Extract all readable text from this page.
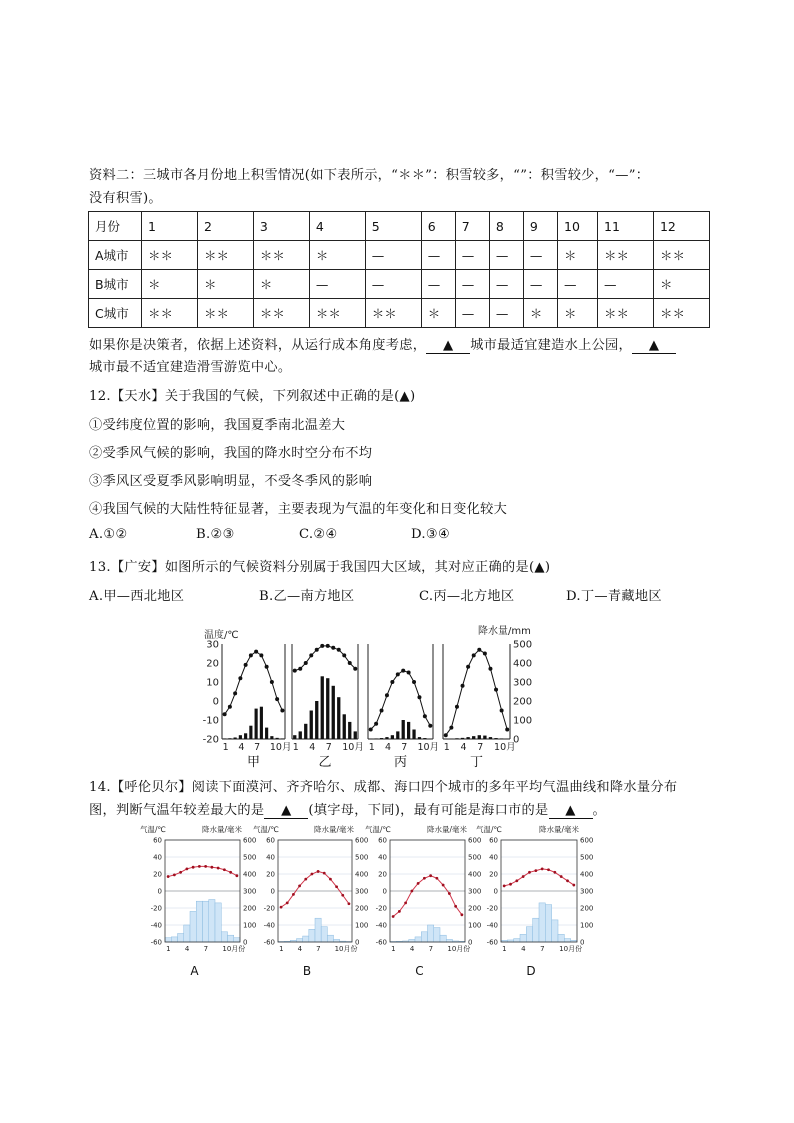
资料二：三城市各月份地上积雪情况(如下表所示，“＊＊”：积雪较多，“”：积雪较少，“—”：
没有积雪)。
月份	1	2	3	4	5	6	7	8	9	10	11	12
A城市	＊＊	＊＊	＊＊	＊	—	—	—	—	—	＊	＊＊	＊＊
B城市	＊	＊	＊	—	—	—	—	—	—	—	—	＊
C城市	＊＊	＊＊	＊＊	＊＊	＊＊	＊	—	—	＊	＊	＊＊	＊＊
如果你是决策者，依据上述资料，从运行成本角度考虑， ▲ 城市最适宜建造水上公园， ▲
城市最不适宜建造滑雪游览中心。
12.【天水】关于我国的气候，下列叙述中正确的是(▲)
①受纬度位置的影响，我国夏季南北温差大
②受季风气候的影响，我国的降水时空分布不均
③季风区受夏季风影响明显，不受冬季风的影响
④我国气候的大陆性特征显著，主要表现为气温的年变化和日变化较大
A.①②	B.②③	C.②④	D.③④
13.【广安】如图所示的气候资料分别属于我国四大区域，其对应正确的是(▲)
A.甲—西北地区	B.乙—南方地区	C.丙—北方地区	D.丁—青藏地区
温度/℃	降水量/mm
30
20
10
0
-10
-20
500
400
300
200
100
0
1 4 7 10月
甲
1 4 7 10月
乙
1 4 7 10月
丙
1 4 7 10月
丁
14.【呼伦贝尔】阅读下面漠河、齐齐哈尔、成都、海口四个城市的多年平均气温曲线和降水量分布
图，判断气温年较差最大的是 ▲ (填字母，下同)，最有可能是海口市的是 ▲ 。
气温/℃	降水量/毫米
60
40
20
0
-20
-40
-60
600
500
400
300
200
100
0
1 4 7 10月份
A
气温/℃	降水量/毫米
60
40
20
0
-20
-40
-60
600
500
400
300
200
100
0
1 4 7 10月份
B
气温/℃	降水量/毫米
60
40
20
0
-20
-40
-60
600
500
400
300
200
100
0
1 4 7 10月份
C
气温/℃	降水量/毫米
60
40
20
0
-20
-40
-60
600
500
400
300
200
100
0
1 4 7 10月份
D
